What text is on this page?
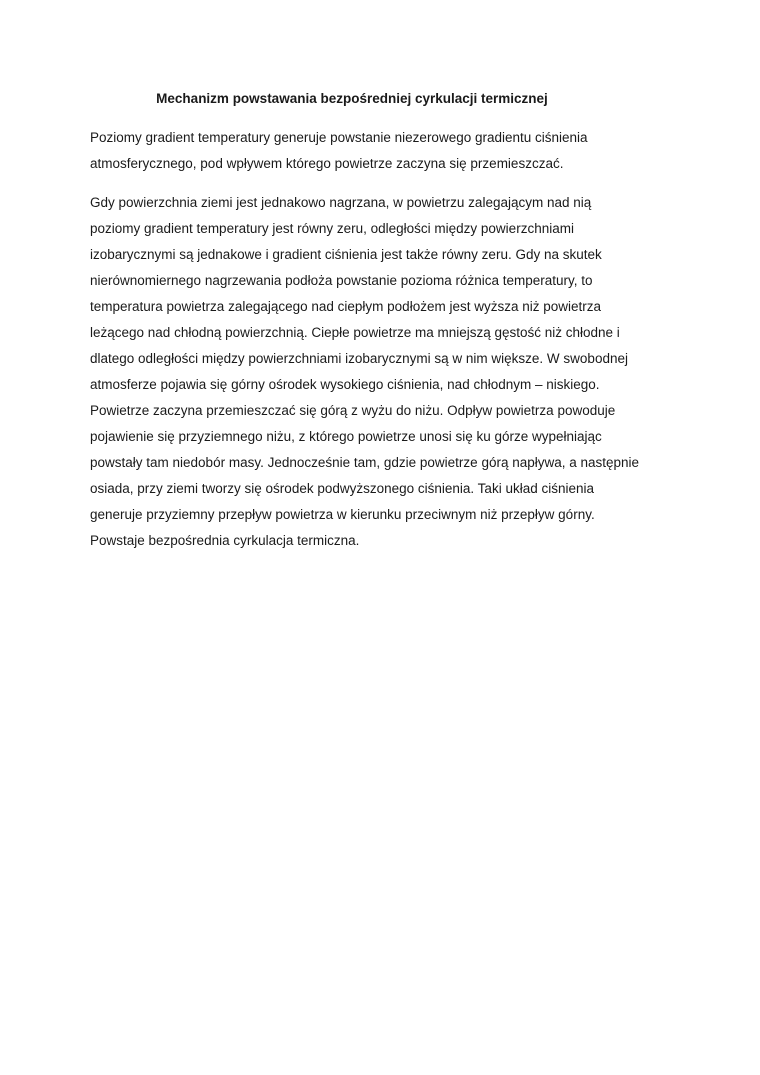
Mechanizm powstawania bezpośredniej cyrkulacji termicznej

Poziomy gradient temperatury generuje powstanie niezerowego gradientu ciśnienia
atmosferycznego, pod wpływem którego powietrze zaczyna się przemieszczać.

Gdy powierzchnia ziemi jest jednakowo nagrzana, w powietrzu zalegającym nad nią
poziomy gradient temperatury jest równy zeru, odległości między powierzchniami
izobarycznymi są jednakowe i gradient ciśnienia jest także równy zeru. Gdy na skutek
nierównomiernego nagrzewania podłoża powstanie pozioma różnica temperatury, to
temperatura powietrza zalegającego nad ciepłym podłożem jest wyższa niż powietrza
leżącego nad chłodną powierzchnią. Ciepłe powietrze ma mniejszą gęstość niż chłodne i
dlatego odległości między powierzchniami izobarycznymi są w nim większe. W swobodnej
atmosferze pojawia się górny ośrodek wysokiego ciśnienia, nad chłodnym – niskiego.
Powietrze zaczyna przemieszczać się górą z wyżu do niżu. Odpływ powietrza powoduje
pojawienie się przyziemnego niżu, z którego powietrze unosi się ku górze wypełniając
powstały tam niedobór masy. Jednocześnie tam, gdzie powietrze górą napływa, a następnie
osiada, przy ziemi tworzy się ośrodek podwyższonego ciśnienia. Taki układ ciśnienia
generuje przyziemny przepływ powietrza w kierunku przeciwnym niż przepływ górny.
Powstaje bezpośrednia cyrkulacja termiczna.
